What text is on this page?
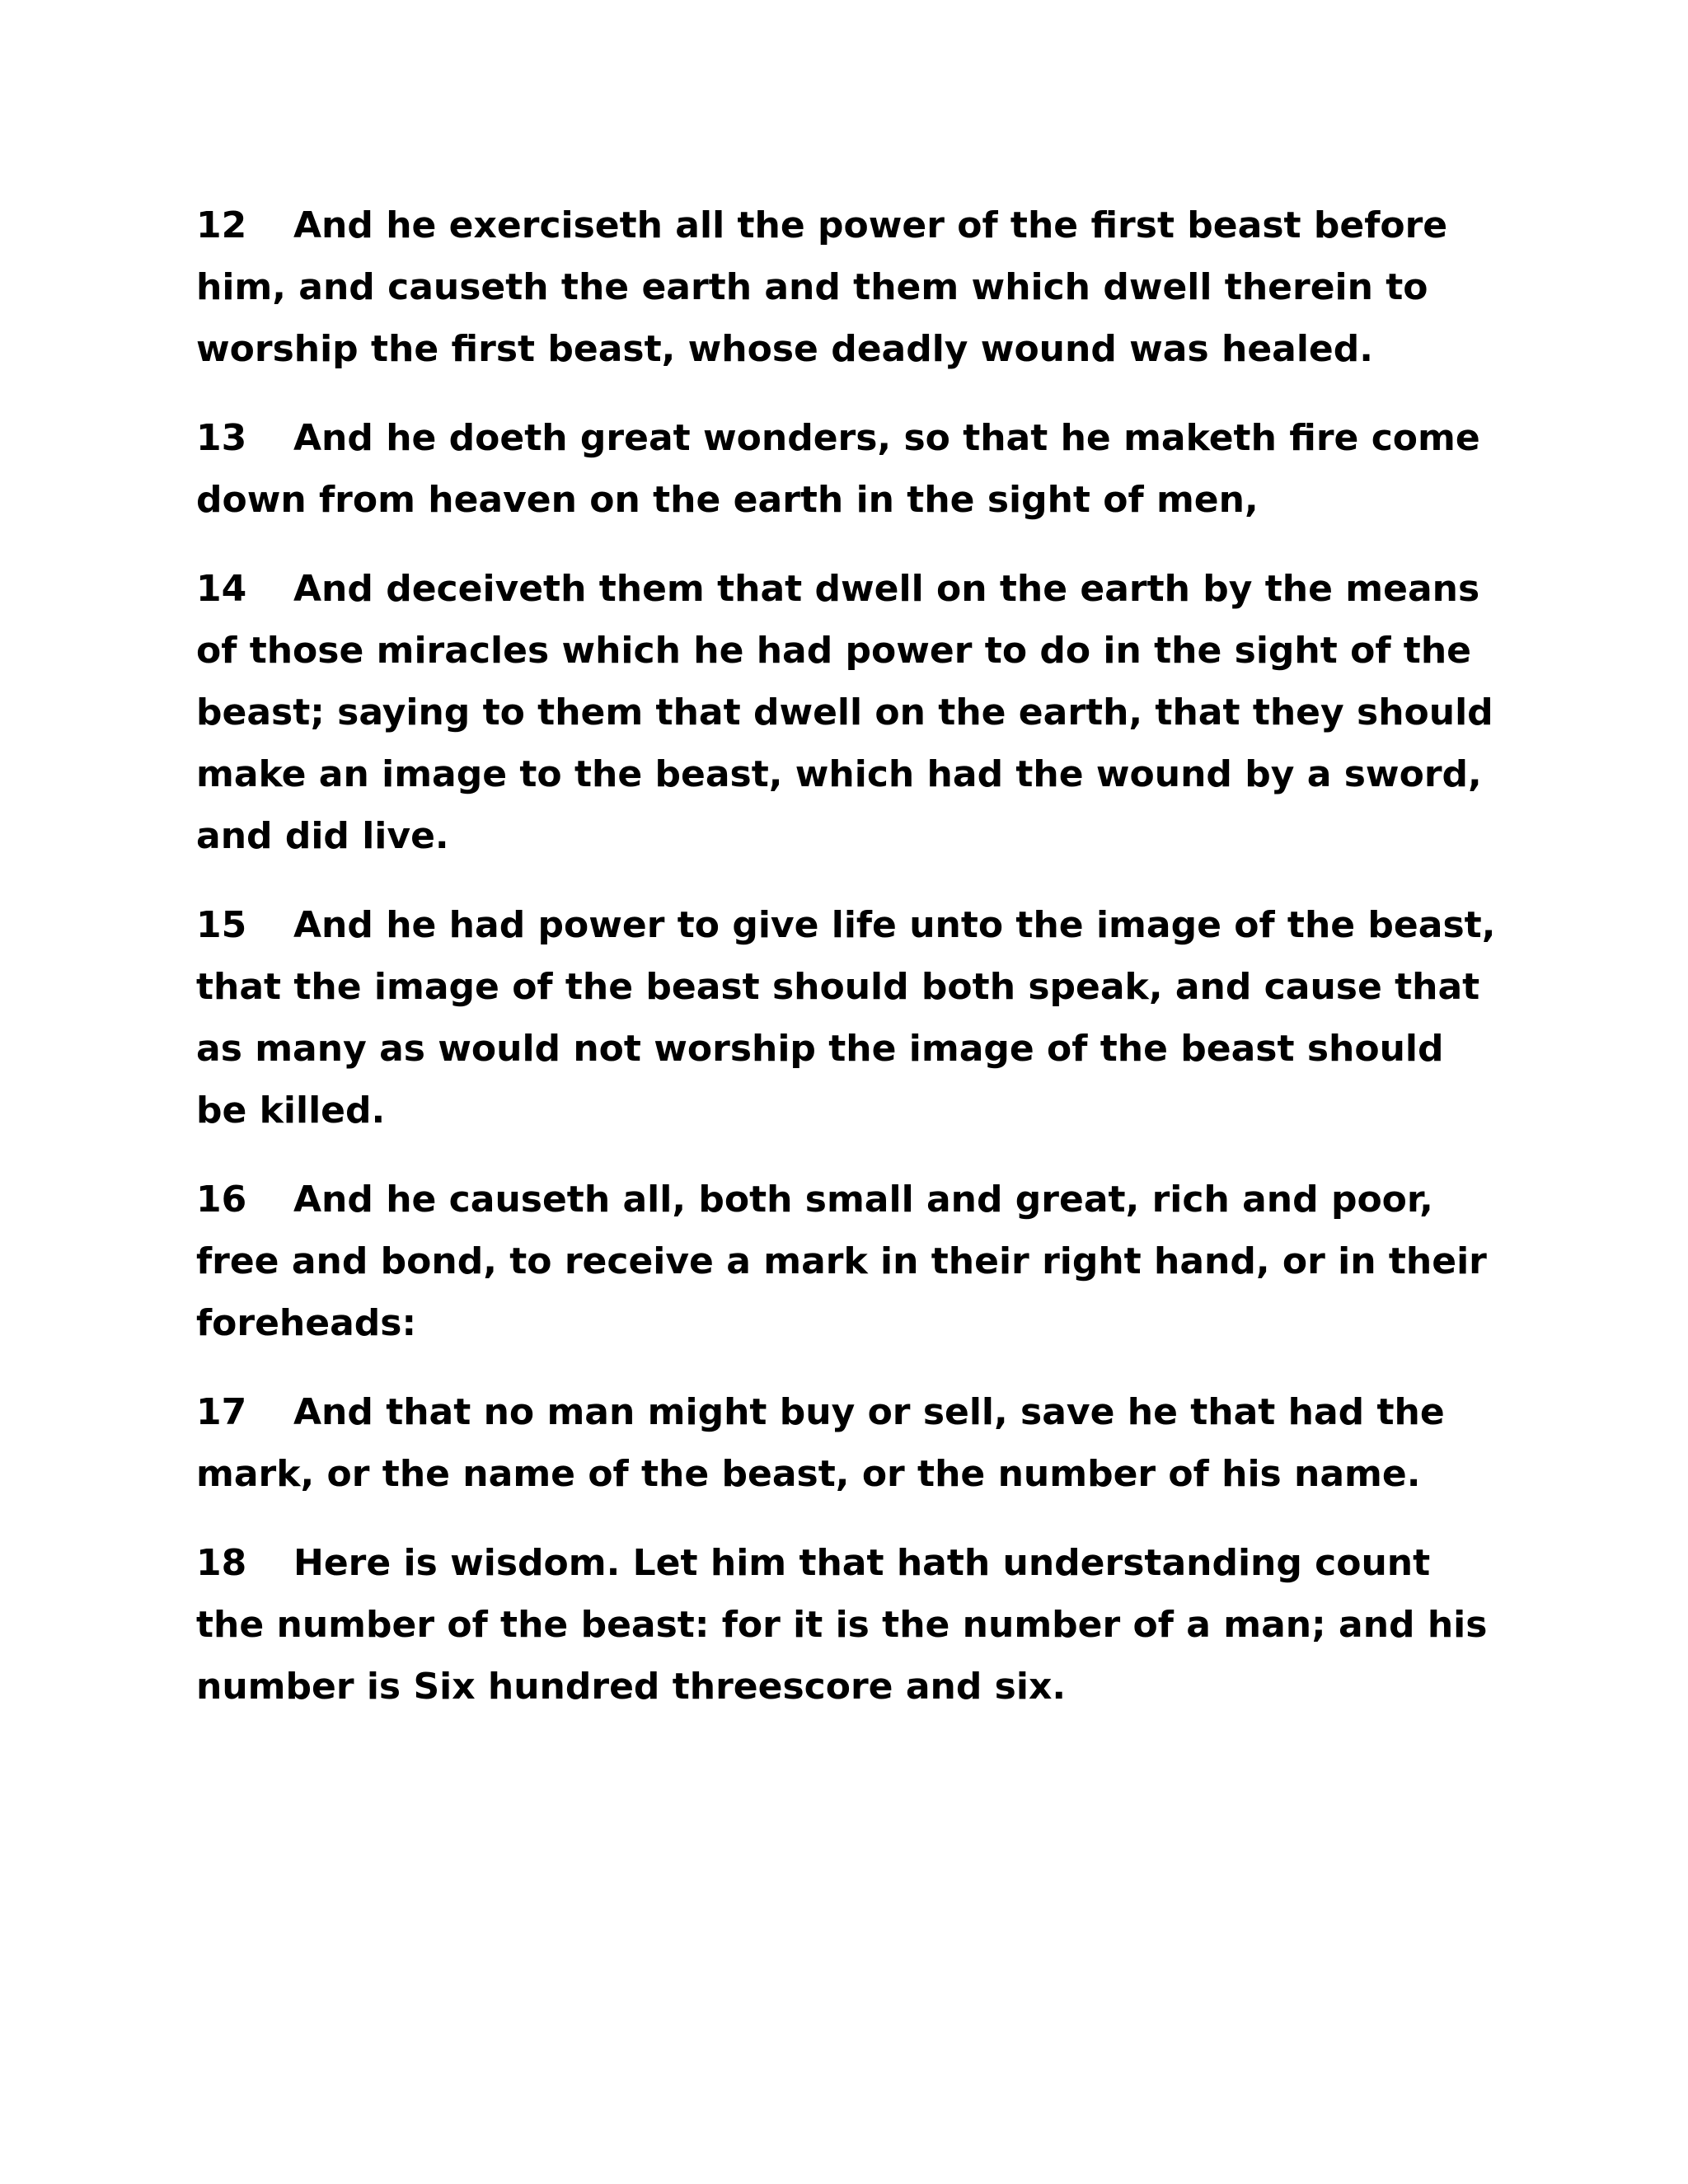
12 And he exerciseth all the power of the first beast before him, and causeth the earth and them which dwell therein to worship the first beast, whose deadly wound was healed.

13 And he doeth great wonders, so that he maketh fire come down from heaven on the earth in the sight of men,

14 And deceiveth them that dwell on the earth by the means of those miracles which he had power to do in the sight of the beast; saying to them that dwell on the earth, that they should make an image to the beast, which had the wound by a sword, and did live.

15 And he had power to give life unto the image of the beast, that the image of the beast should both speak, and cause that as many as would not worship the image of the beast should be killed.

16 And he causeth all, both small and great, rich and poor, free and bond, to receive a mark in their right hand, or in their foreheads:

17 And that no man might buy or sell, save he that had the mark, or the name of the beast, or the number of his name.

18 Here is wisdom. Let him that hath understanding count the number of the beast: for it is the number of a man; and his number is Six hundred threescore and six.
